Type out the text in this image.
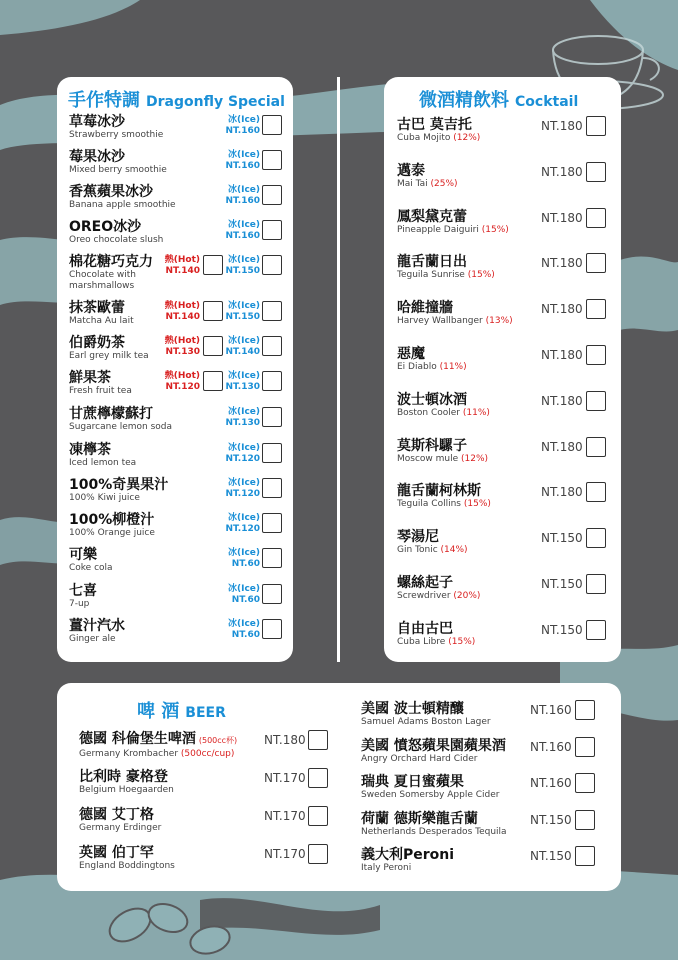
手作特調 Dragonfly Special
草莓冰沙
Strawberry smoothie
冰(Ice)
NT.160
莓果冰沙
Mixed berry smoothie
冰(Ice)
NT.160
香蕉蘋果冰沙
Banana apple smoothie
冰(Ice)
NT.160
OREO冰沙
Oreo chocolate slush
冰(Ice)
NT.160
棉花糖巧克力
Chocolate with
marshmallows
熱(Hot)
NT.140
冰(Ice)
NT.150
抹茶歐蕾
Matcha Au lait
熱(Hot)
NT.140
冰(Ice)
NT.150
伯爵奶茶
Earl grey milk tea
熱(Hot)
NT.130
冰(Ice)
NT.140
鮮果茶
Fresh fruit tea
熱(Hot)
NT.120
冰(Ice)
NT.130
甘蔗檸檬蘇打
Sugarcane lemon soda
冰(Ice)
NT.130
凍檸茶
Iced lemon tea
冰(Ice)
NT.120
100%奇異果汁
100% Kiwi juice
冰(Ice)
NT.120
100%柳橙汁
100% Orange juice
冰(Ice)
NT.120
可樂
Coke cola
冰(Ice)
NT.60
七喜
7-up
冰(Ice)
NT.60
薑汁汽水
Ginger ale
冰(Ice)
NT.60
微酒精飲料 Cocktail
古巴 莫吉托
Cuba Mojito (12%)
NT.180
邁泰
Mai Tai (25%)
NT.180
鳳梨黛克蕾
Pineapple Daiguiri (15%)
NT.180
龍舌蘭日出
Teguila Sunrise (15%)
NT.180
哈維撞牆
Harvey Wallbanger (13%)
NT.180
惡魔
Ei Diablo (11%)
NT.180
波士頓冰酒
Boston Cooler (11%)
NT.180
莫斯科騾子
Moscow mule (12%)
NT.180
龍舌蘭柯林斯
Teguila Collins (15%)
NT.180
琴湯尼
Gin Tonic (14%)
NT.150
螺絲起子
Screwdriver (20%)
NT.150
自由古巴
Cuba Libre (15%)
NT.150
啤 酒 BEER
德國 科倫堡生啤酒 (500cc杯)
Germany Krombacher (500cc/cup)
NT.180
比利時 豪格登
Belgium Hoegaarden
NT.170
德國 艾丁格
Germany Erdinger
NT.170
英國 伯丁罕
England Boddingtons
NT.170
美國 波士頓精釀
Samuel Adams Boston Lager
NT.160
美國 憤怒蘋果園蘋果酒
Angry Orchard Hard Cider
NT.160
瑞典 夏日蜜蘋果
Sweden Somersby Apple Cider
NT.160
荷蘭 德斯樂龍舌蘭
Netherlands Desperados Tequila
NT.150
義大利Peroni
Italy Peroni
NT.150
